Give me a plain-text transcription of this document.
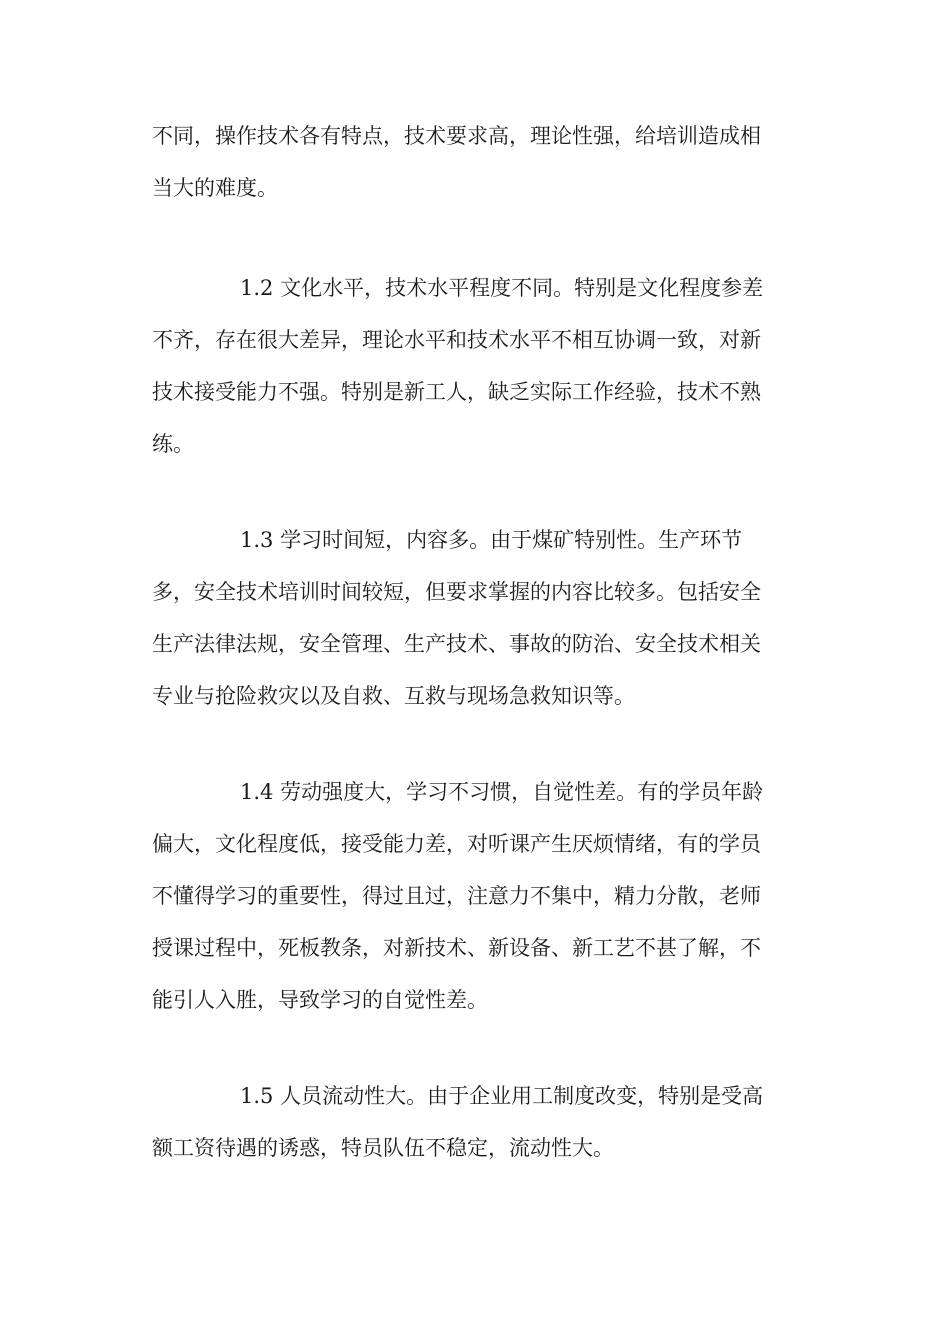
不同，操作技术各有特点，技术要求高，理论性强，给培训造成相
当大的难度。

1.2 文化水平，技术水平程度不同。特别是文化程度参差
不齐，存在很大差异，理论水平和技术水平不相互协调一致，对新
技术接受能力不强。特别是新工人，缺乏实际工作经验，技术不熟
练。

1.3 学习时间短，内容多。由于煤矿特别性。生产环节
多，安全技术培训时间较短，但要求掌握的内容比较多。包括安全
生产法律法规，安全管理、生产技术、事故的防治、安全技术相关
专业与抢险救灾以及自救、互救与现场急救知识等。

1.4 劳动强度大，学习不习惯，自觉性差。有的学员年龄
偏大，文化程度低，接受能力差，对听课产生厌烦情绪，有的学员
不懂得学习的重要性，得过且过，注意力不集中，精力分散，老师
授课过程中，死板教条，对新技术、新设备、新工艺不甚了解，不
能引人入胜，导致学习的自觉性差。

1.5 人员流动性大。由于企业用工制度改变，特别是受高
额工资待遇的诱惑，特员队伍不稳定，流动性大。
